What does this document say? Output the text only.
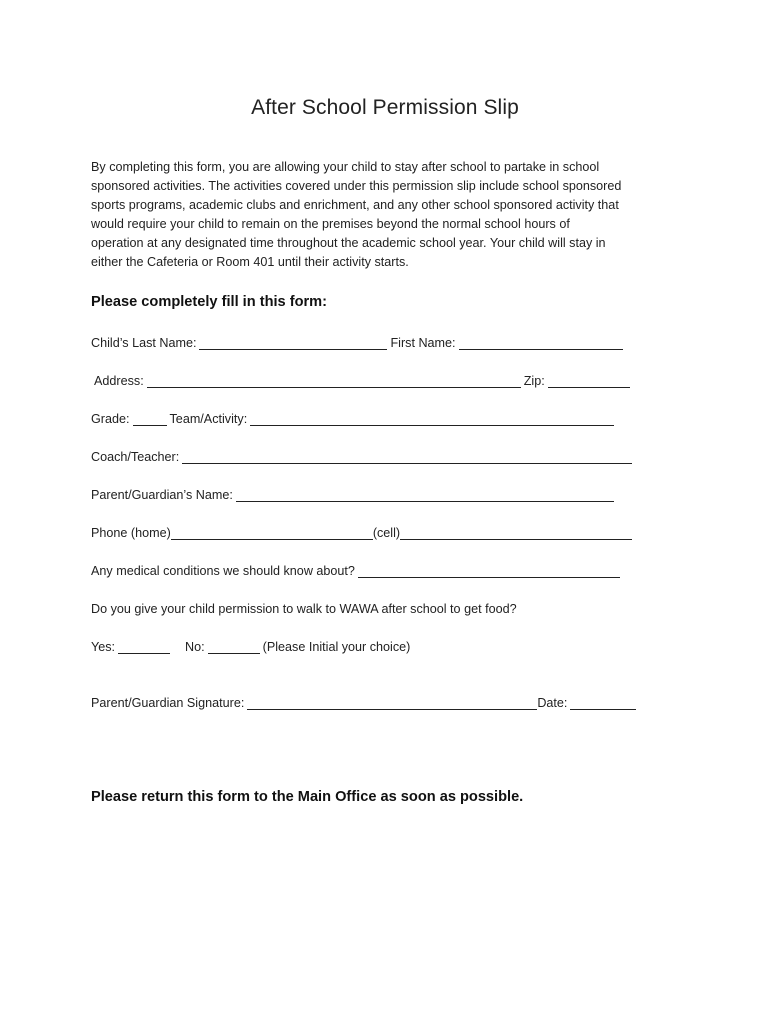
After School Permission Slip
By completing this form, you are allowing your child to stay after school to partake in school
sponsored activities. The activities covered under this permission slip include school sponsored
sports programs, academic clubs and enrichment, and any other school sponsored activity that
would require your child to remain on the premises beyond the normal school hours of
operation at any designated time throughout the academic school year. Your child will stay in
either the Cafeteria or Room 401 until their activity starts.
Please completely fill in this form:
Child’s Last Name:	First Name:
Address:	Zip:
Grade:	Team/Activity:
Coach/Teacher:
Parent/Guardian’s Name:
Phone (home)	(cell)
Any medical conditions we should know about?
Do you give your child permission to walk to WAWA after school to get food?
Yes:	No:	(Please Initial your choice)
Parent/Guardian Signature:	Date:
Please return this form to the Main Office as soon as possible.
